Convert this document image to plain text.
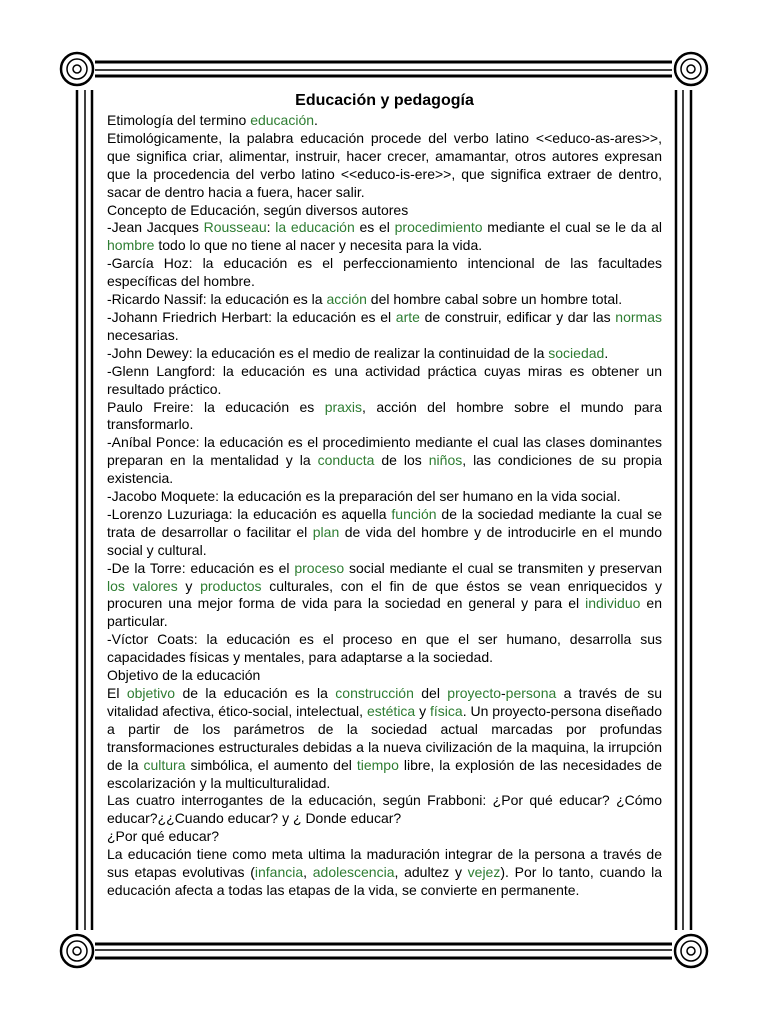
Educación y pedagogía

Etimología del termino educación.

Etimológicamente, la palabra educación procede del verbo latino <<educo-as-ares>>, que significa criar, alimentar, instruir, hacer crecer, amamantar, otros autores expresan que la procedencia del verbo latino <<educo-is-ere>>, que significa extraer de dentro, sacar de dentro hacia a fuera, hacer salir.

Concepto de Educación, según diversos autores

-Jean Jacques Rousseau: la educación es el procedimiento mediante el cual se le da al hombre todo lo que no tiene al nacer y necesita para la vida.

-García Hoz: la educación es el perfeccionamiento intencional de las facultades específicas del hombre.

-Ricardo Nassif: la educación es la acción del hombre cabal sobre un hombre total.

-Johann Friedrich Herbart: la educación es el arte de construir, edificar y dar las normas necesarias.

-John Dewey: la educación es el medio de realizar la continuidad de la sociedad.

-Glenn Langford: la educación es una actividad práctica cuyas miras es obtener un resultado práctico.

Paulo Freire: la educación es praxis, acción del hombre sobre el mundo para transformarlo.

-Aníbal Ponce: la educación es el procedimiento mediante el cual las clases dominantes preparan en la mentalidad y la conducta de los niños, las condiciones de su propia existencia.

-Jacobo Moquete: la educación es la preparación del ser humano en la vida social.

-Lorenzo Luzuriaga: la educación es aquella función de la sociedad mediante la cual se trata de desarrollar o facilitar el plan de vida del hombre y de introducirle en el mundo social y cultural.

-De la Torre: educación es el proceso social mediante el cual se transmiten y preservan los valores y productos culturales, con el fin de que éstos se vean enriquecidos y procuren una mejor forma de vida para la sociedad en general y para el individuo en particular.

-Víctor Coats: la educación es el proceso en que el ser humano, desarrolla sus capacidades físicas y mentales, para adaptarse a la sociedad.

Objetivo de la educación

El objetivo de la educación es la construcción del proyecto-persona a través de su vitalidad afectiva, ético-social, intelectual, estética y física. Un proyecto-persona diseñado a partir de los parámetros de la sociedad actual marcadas por profundas transformaciones estructurales debidas a la nueva civilización de la maquina, la irrupción de la cultura simbólica, el aumento del tiempo libre, la explosión de las necesidades de escolarización y la multiculturalidad.

Las cuatro interrogantes de la educación, según Frabboni: ¿Por qué educar? ¿Cómo educar?¿¿Cuando educar? y ¿ Donde educar?

¿Por qué educar?

La educación tiene como meta ultima la maduración integrar de la persona a través de sus etapas evolutivas (infancia, adolescencia, adultez y vejez). Por lo tanto, cuando la educación afecta a todas las etapas de la vida, se convierte en permanente.
